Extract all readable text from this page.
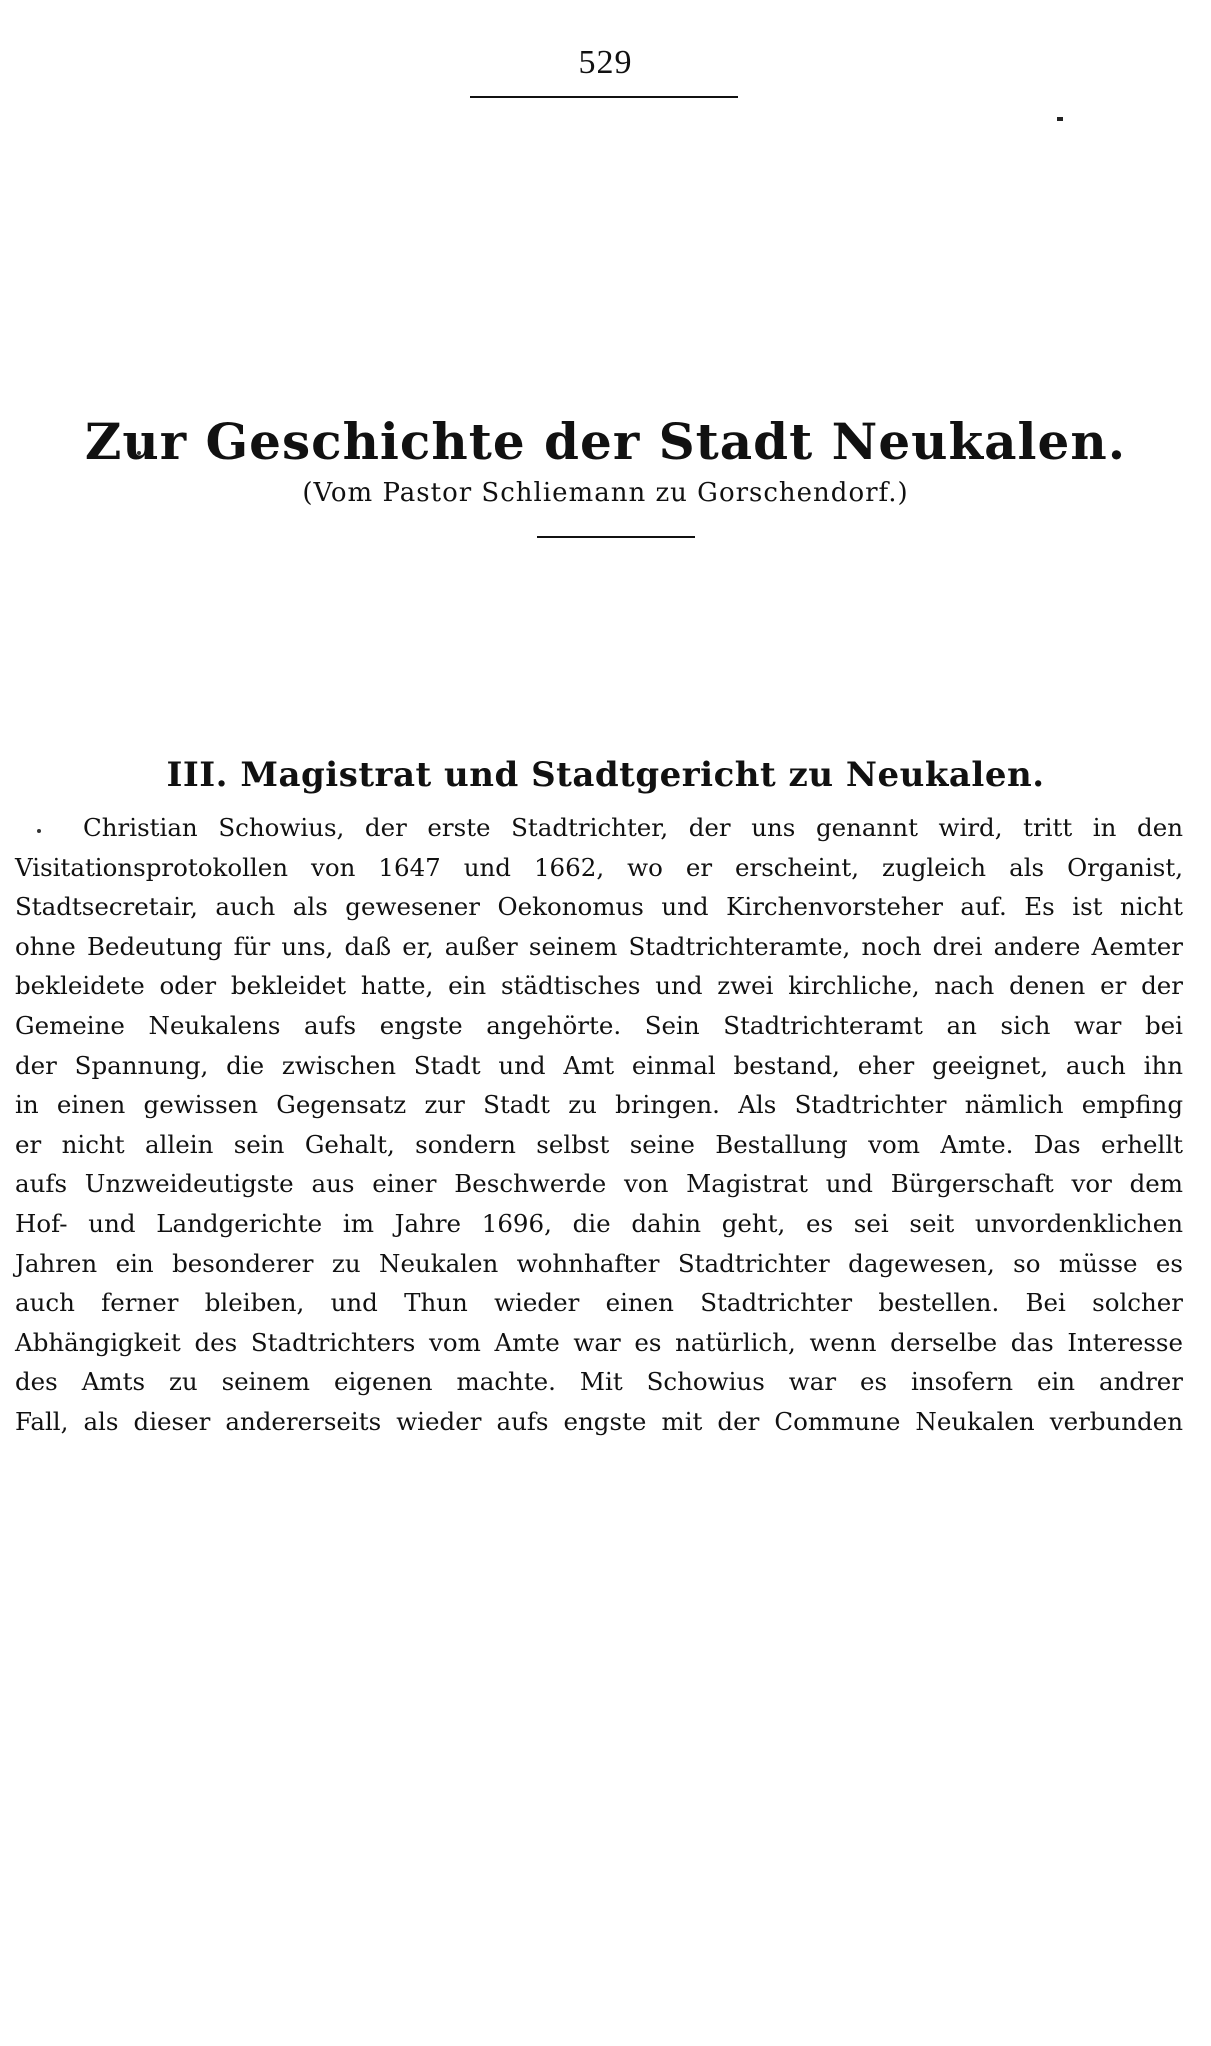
529
Zur Geschichte der Stadt Neukalen.
(Vom Pastor Schliemann zu Gorschendorf.)
III. Magistrat und Stadtgericht zu Neukalen.
Christian Schowius, der erste Stadtrichter, der uns genannt wird, tritt in den
Visitationsprotokollen von 1647 und 1662, wo er erscheint, zugleich als Organist,
Stadtsecretair, auch als gewesener Oekonomus und Kirchenvorsteher auf. Es ist nicht
ohne Bedeutung für uns, daß er, außer seinem Stadtrichteramte, noch drei andere Aemter
bekleidete oder bekleidet hatte, ein städtisches und zwei kirchliche, nach denen er der
Gemeine Neukalens aufs engste angehörte. Sein Stadtrichteramt an sich war bei
der Spannung, die zwischen Stadt und Amt einmal bestand, eher geeignet, auch ihn
in einen gewissen Gegensatz zur Stadt zu bringen. Als Stadtrichter nämlich empfing
er nicht allein sein Gehalt, sondern selbst seine Bestallung vom Amte. Das erhellt
aufs Unzweideutigste aus einer Beschwerde von Magistrat und Bürgerschaft vor dem
Hof- und Landgerichte im Jahre 1696, die dahin geht, es sei seit unvordenklichen
Jahren ein besonderer zu Neukalen wohnhafter Stadtrichter dagewesen, so müsse es
auch ferner bleiben, und Thun wieder einen Stadtrichter bestellen. Bei solcher
Abhängigkeit des Stadtrichters vom Amte war es natürlich, wenn derselbe das Interesse
des Amts zu seinem eigenen machte. Mit Schowius war es insofern ein andrer
Fall, als dieser andererseits wieder aufs engste mit der Commune Neukalen verbunden
